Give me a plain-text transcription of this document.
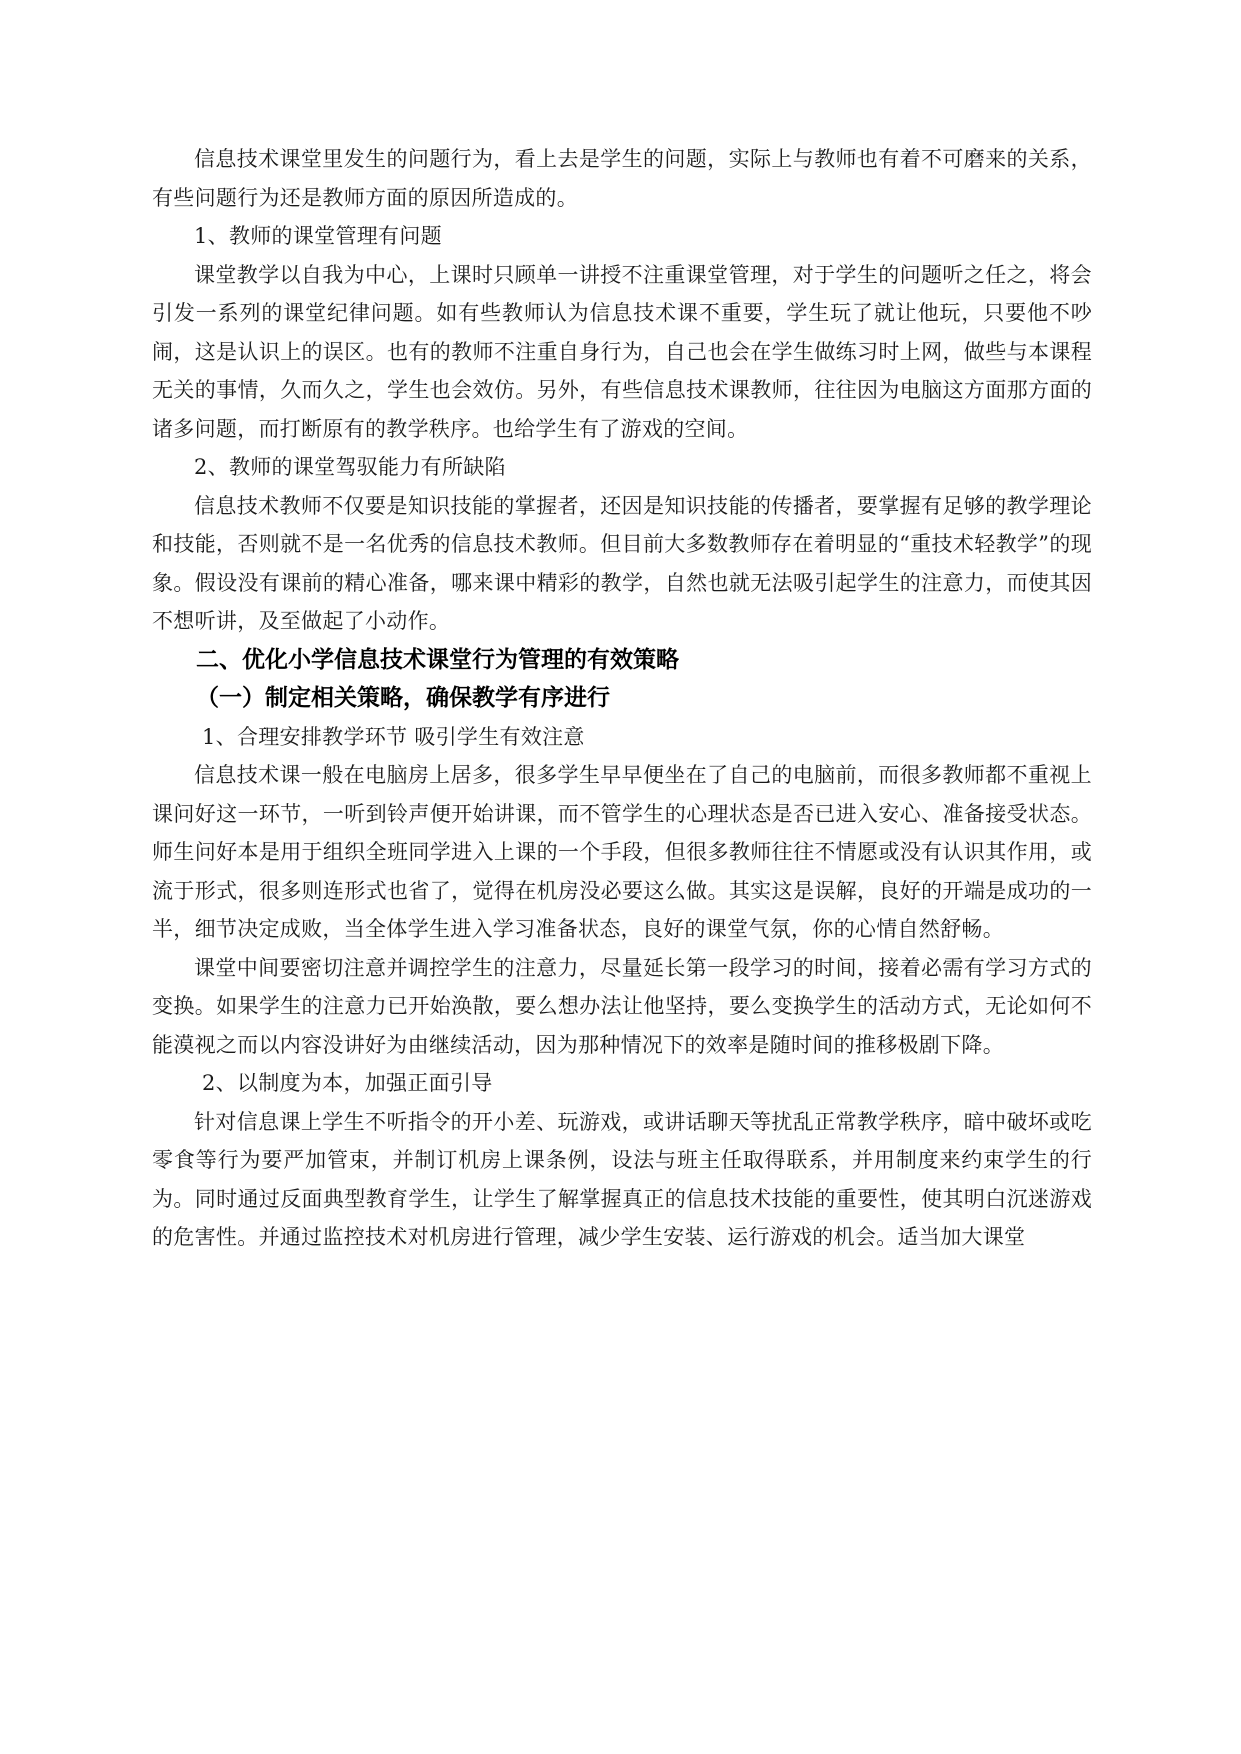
信息技术课堂里发生的问题行为，看上去是学生的问题，实际上与教师也有着不可磨来的关系，有些问题行为还是教师方面的原因所造成的。

1、教师的课堂管理有问题

课堂教学以自我为中心，上课时只顾单一讲授不注重课堂管理，对于学生的问题听之任之，将会引发一系列的课堂纪律问题。如有些教师认为信息技术课不重要，学生玩了就让他玩，只要他不吵闹，这是认识上的误区。也有的教师不注重自身行为，自己也会在学生做练习时上网，做些与本课程无关的事情，久而久之，学生也会效仿。另外，有些信息技术课教师，往往因为电脑这方面那方面的诸多问题，而打断原有的教学秩序。也给学生有了游戏的空间。

2、教师的课堂驾驭能力有所缺陷

信息技术教师不仅要是知识技能的掌握者，还因是知识技能的传播者，要掌握有足够的教学理论和技能，否则就不是一名优秀的信息技术教师。但目前大多数教师存在着明显的“重技术轻教学”的现象。假设没有课前的精心准备，哪来课中精彩的教学，自然也就无法吸引起学生的注意力，而使其因不想听讲，及至做起了小动作。

二、优化小学信息技术课堂行为管理的有效策略
（一）制定相关策略，确保教学有序进行

1、合理安排教学环节 吸引学生有效注意

信息技术课一般在电脑房上居多，很多学生早早便坐在了自己的电脑前，而很多教师都不重视上课问好这一环节，一听到铃声便开始讲课，而不管学生的心理状态是否已进入安心、准备接受状态。师生问好本是用于组织全班同学进入上课的一个手段，但很多教师往往不情愿或没有认识其作用，或流于形式，很多则连形式也省了，觉得在机房没必要这么做。其实这是误解，良好的开端是成功的一半，细节决定成败，当全体学生进入学习准备状态，良好的课堂气氛，你的心情自然舒畅。

课堂中间要密切注意并调控学生的注意力，尽量延长第一段学习的时间，接着必需有学习方式的变换。如果学生的注意力已开始涣散，要么想办法让他坚持，要么变换学生的活动方式，无论如何不能漠视之而以内容没讲好为由继续活动，因为那种情况下的效率是随时间的推移极剧下降。

2、以制度为本，加强正面引导

针对信息课上学生不听指令的开小差、玩游戏，或讲话聊天等扰乱正常教学秩序，暗中破坏或吃零食等行为要严加管束，并制订机房上课条例，设法与班主任取得联系，并用制度来约束学生的行为。同时通过反面典型教育学生，让学生了解掌握真正的信息技术技能的重要性，使其明白沉迷游戏的危害性。并通过监控技术对机房进行管理，减少学生安装、运行游戏的机会。适当加大课堂
